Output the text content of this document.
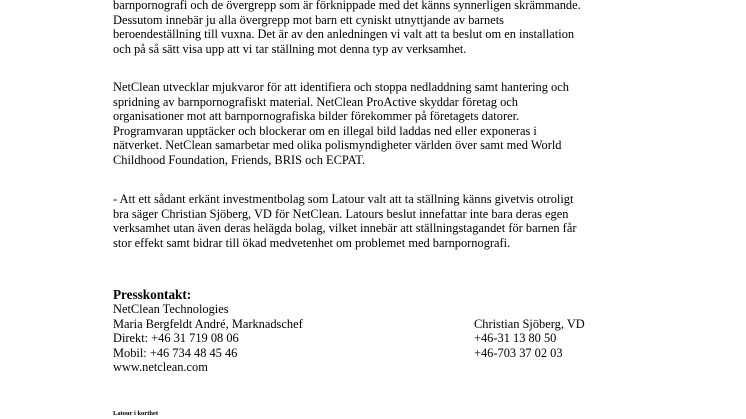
barnpornografi och de övergrepp som är förknippade med det känns synnerligen skrämmande.
Dessutom innebär ju alla övergrepp mot barn ett cyniskt utnyttjande av barnets
beroendeställning till vuxna. Det är av den anledningen vi valt att ta beslut om en installation
och på så sätt visa upp att vi tar ställning mot denna typ av verksamhet.
NetClean utvecklar mjukvaror för att identifiera och stoppa nedladdning samt hantering och
spridning av barnpornografiskt material. NetClean ProActive skyddar företag och
organisationer mot att barnpornografiska bilder förekommer på företagets datorer.
Programvaran upptäcker och blockerar om en illegal bild laddas ned eller exponeras i
nätverket. NetClean samarbetar med olika polismyndigheter världen över samt med World
Childhood Foundation, Friends, BRIS och ECPAT.
- Att ett sådant erkänt investmentbolag som Latour valt att ta ställning känns givetvis otroligt
bra säger Christian Sjöberg, VD för NetClean. Latours beslut innefattar inte bara deras egen
verksamhet utan även deras helägda bolag, vilket innebär att ställningstagandet för barnen får
stor effekt samt bidrar till ökad medvetenhet om problemet med barnpornografi.
Presskontakt:
NetClean Technologies
Maria Bergfeldt André, Marknadschef	Christian Sjöberg, VD
Direkt: +46 31 719 08 06	+46-31 13 80 50
Mobil: +46 734 48 45 46	+46-703 37 02 03
www.netclean.com
Latour i korthet
